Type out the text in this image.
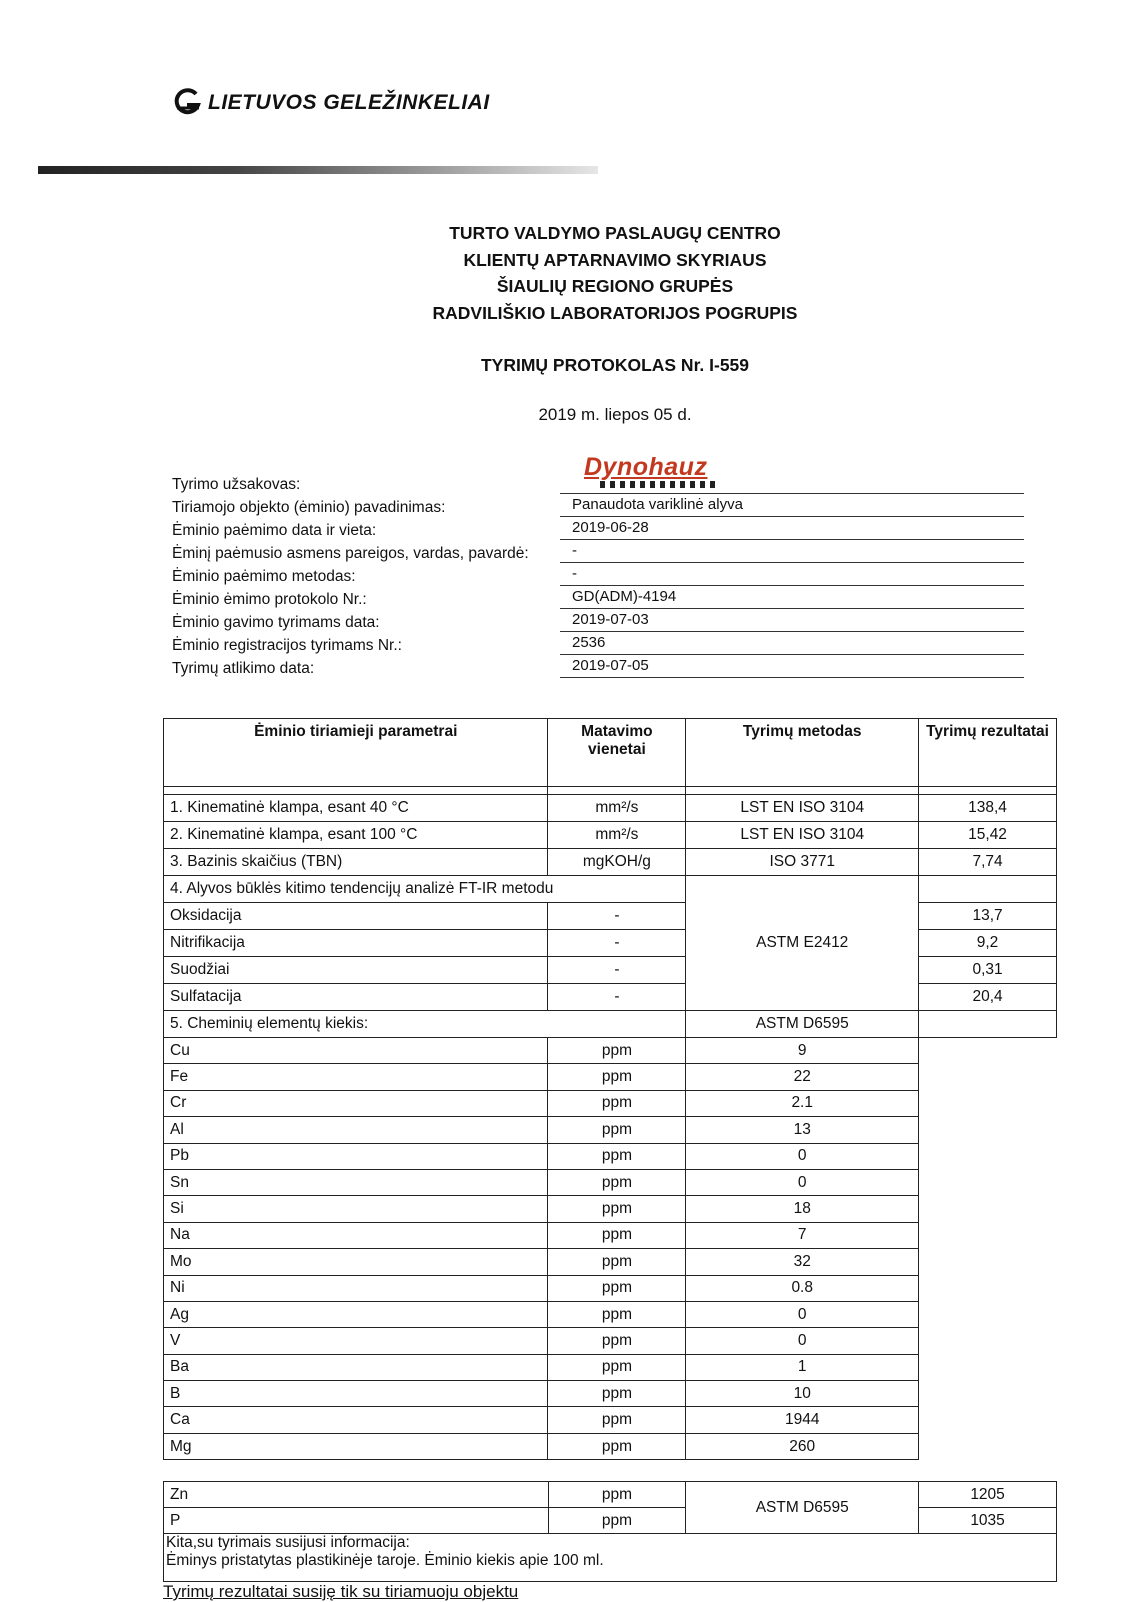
LIETUVOS GELEŽINKELIAI
TURTO VALDYMO PASLAUGŲ CENTRO
KLIENTŲ APTARNAVIMO SKYRIAUS
ŠIAULIŲ REGIONO GRUPĖS
RADVILIŠKIO LABORATORIJOS POGRUPIS
TYRIMŲ PROTOKOLAS Nr. I-559
2019 m. liepos 05 d.
Dynohauz
Tyrimo užsakovas:
Tiriamojo objekto (ėminio) pavadinimas:	Panaudota variklinė alyva
Ėminio paėmimo data ir vieta:	2019-06-28
Ėminį paėmusio asmens pareigos, vardas, pavardė:	-
Ėminio paėmimo metodas:	-
Ėminio ėmimo protokolo Nr.:	GD(ADM)-4194
Ėminio gavimo tyrimams data:	2019-07-03
Ėminio registracijos tyrimams Nr.:	2536
Tyrimų atlikimo data:	2019-07-05
Ėminio tiriamieji parametrai	Matavimo vienetai	Tyrimų metodas	Tyrimų rezultatai

1. Kinematinė klampa, esant 40 °C	mm²/s	LST EN ISO 3104	138,4
2. Kinematinė klampa, esant 100 °C	mm²/s	LST EN ISO 3104	15,42
3. Bazinis skaičius (TBN)	mgKOH/g	ISO 3771	7,74
4. Alyvos būklės kitimo tendencijų analizė FT-IR metodu		ASTM E2412	
Oksidacija	-		13,7
Nitrifikacija	-		9,2
Suodžiai	-		0,31
Sulfatacija	-		20,4
5. Cheminių elementų kiekis:		ASTM D6595	
Cu	ppm	9	
Fe	ppm	22	
Cr	ppm	2.1	
Al	ppm	13	
Pb	ppm	0	
Sn	ppm	0	
Si	ppm	18	
Na	ppm	7	
Mo	ppm	32	
Ni	ppm	0.8	
Ag	ppm	0	
V	ppm	0	
Ba	ppm	1	
B	ppm	10	
Ca	ppm	1944	
Mg	ppm	260	
Zn	ppm	ASTM D6595	1205
P	ppm		1035

Kita,su tyrimais susijusi informacija:
Ėminys pristatytas plastikinėje taroje. Ėminio kiekis apie 100 ml.			
Tyrimų rezultatai susiję tik su tiriamuoju objektu
